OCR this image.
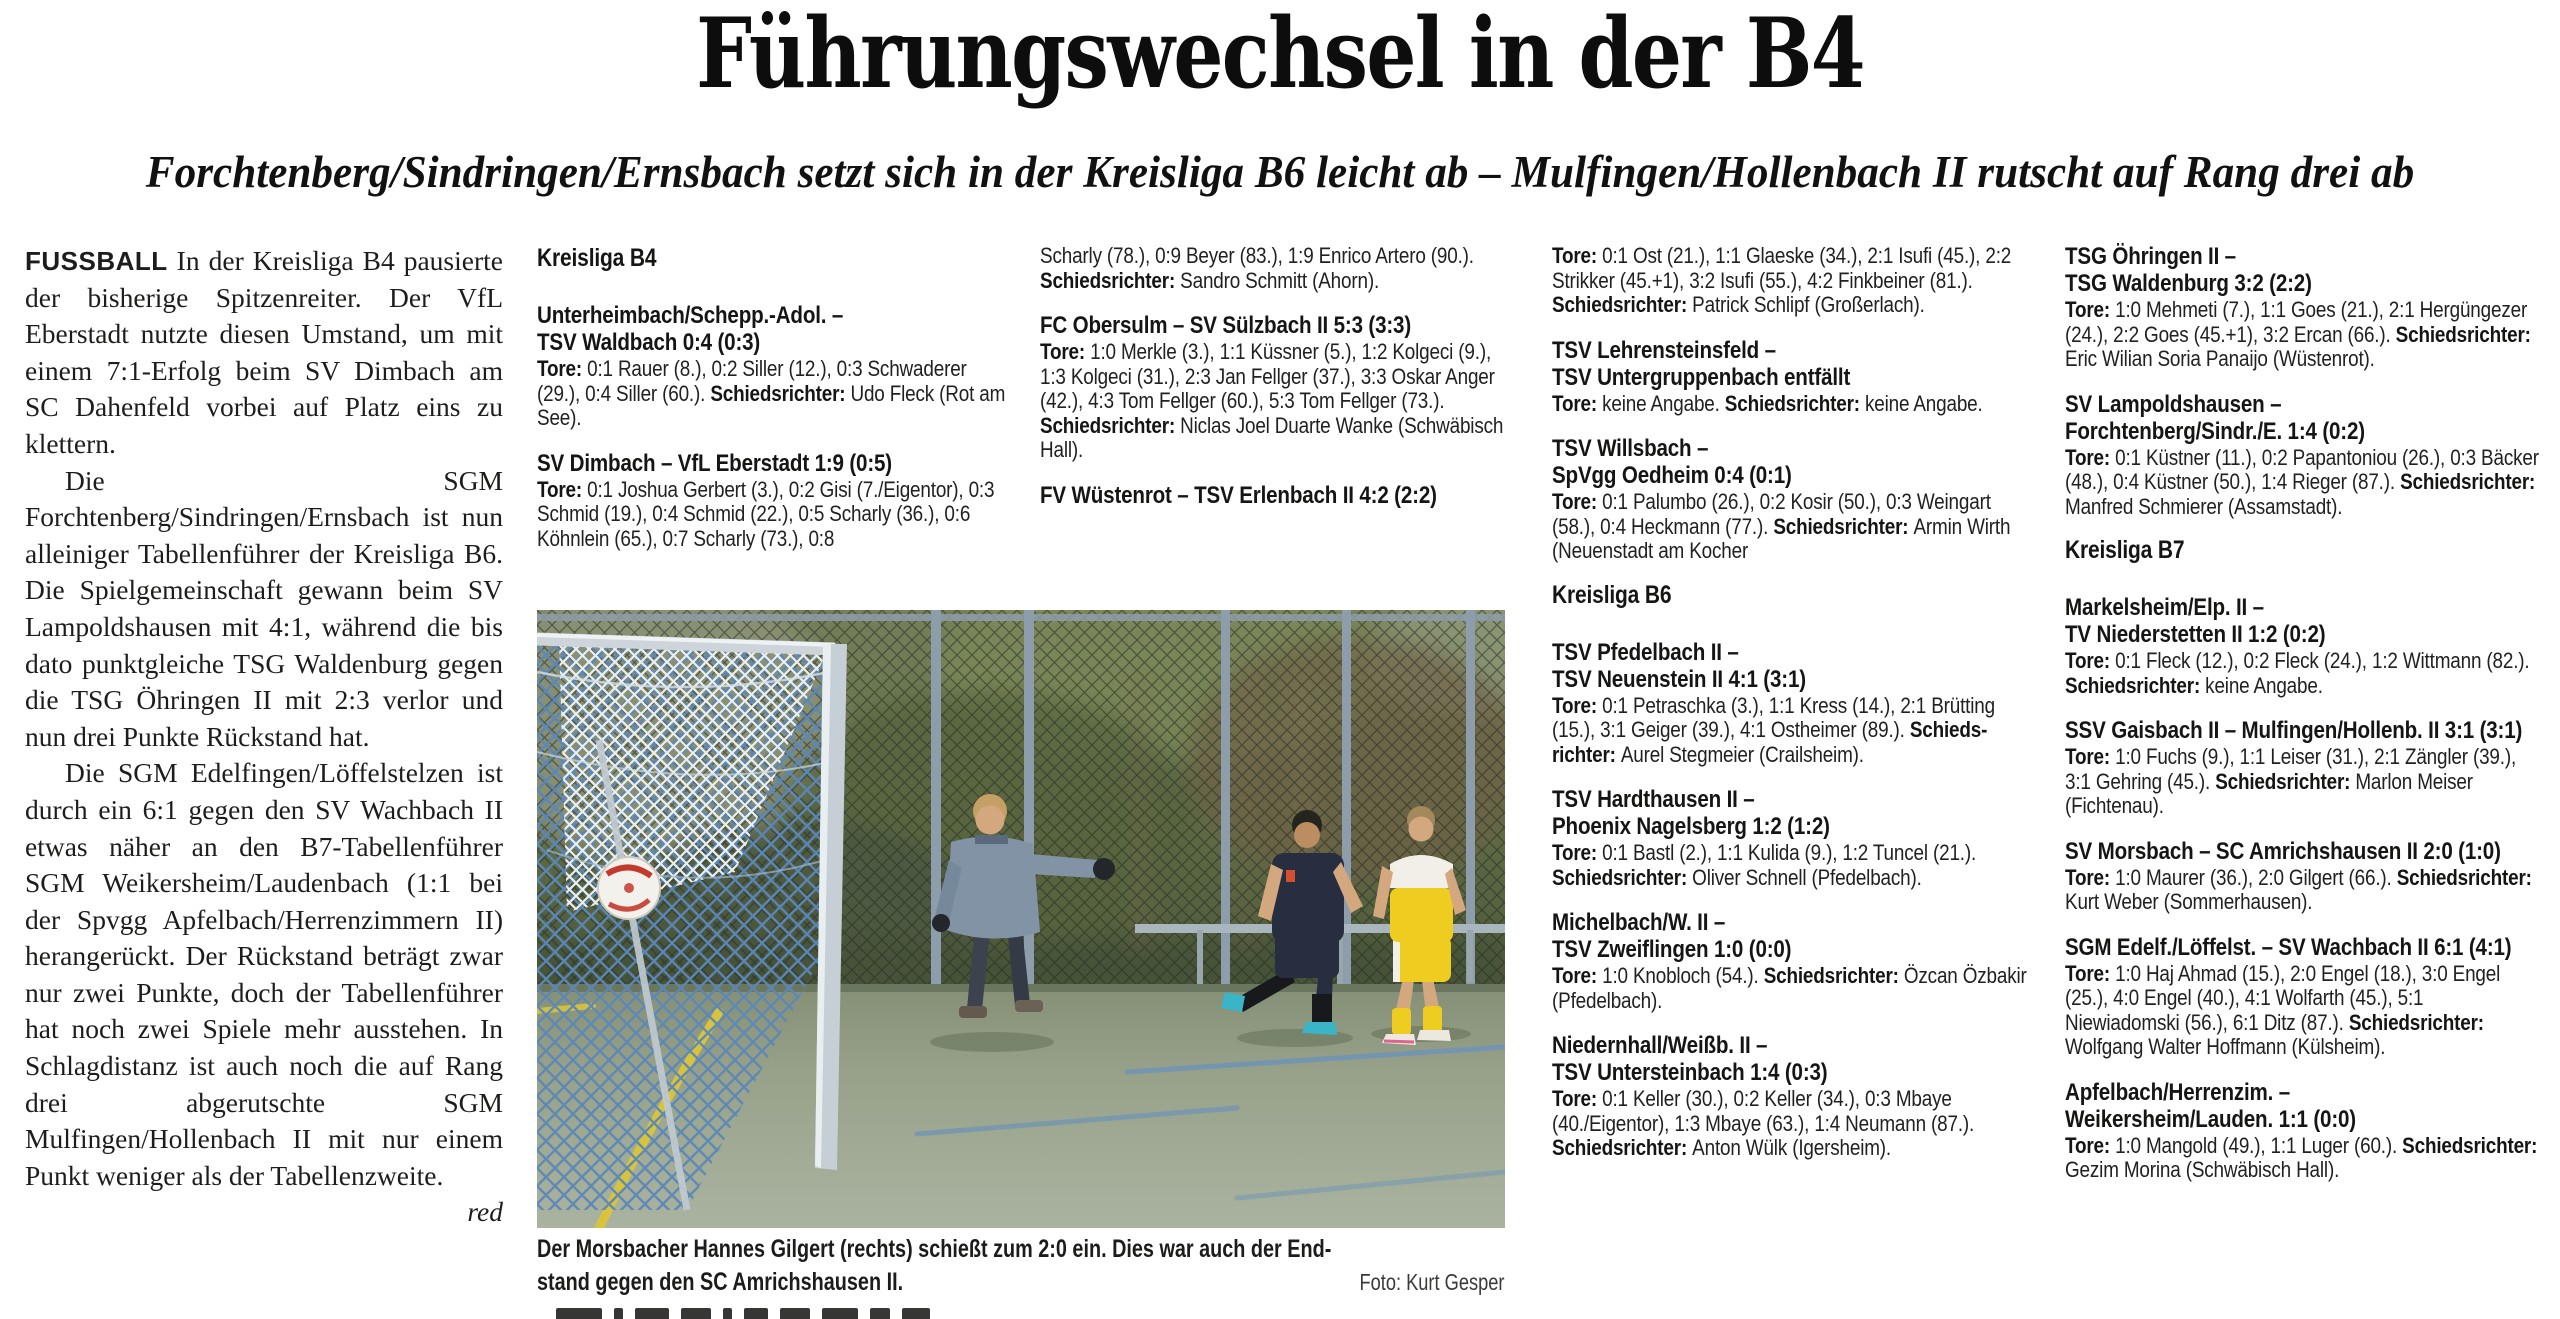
Führungswechsel in der B4
Forchtenberg/Sindringen/Ernsbach setzt sich in der Kreisliga B6 leicht ab – Mulfingen/Hollenbach II rutscht auf Rang drei ab

FUSSBALL In der Kreisliga B4 pausierte der bisherige Spitzenreiter. Der VfL Eberstadt nutzte diesen Umstand, um mit einem 7:1-Erfolg beim SV Dimbach am SC Dahenfeld vorbei auf Platz eins zu klettern.

Die SGM Forchtenberg/Sindringen/Ernsbach ist nun alleiniger Tabellenführer der Kreisliga B6. Die Spielgemeinschaft gewann beim SV Lampoldshausen mit 4:1, während die bis dato punktgleiche TSG Waldenburg gegen die TSG Öhringen II mit 2:3 verlor und nun drei Punkte Rückstand hat.

Die SGM Edelfingen/Löffelstelzen ist durch ein 6:1 gegen den SV Wachbach II etwas näher an den B7-Tabellenführer SGM Weikersheim/Laudenbach (1:1 bei der Spvgg Apfelbach/Herrenzimmern II) herangerückt. Der Rückstand beträgt zwar nur zwei Punkte, doch der Tabellenführer hat noch zwei Spiele mehr ausstehen. In Schlagdistanz ist auch noch die auf Rang drei abgerutschte SGM Mulfingen/Hollenbach II mit nur einem Punkt weniger als der Tabellenzweite.
red

Kreisliga B4
Unterheimbach/Schepp.-Adol. –
TSV Waldbach 0:4 (0:3)

Tore: 0:1 Rauer (8.), 0:2 Siller (12.), 0:3 Schwaderer (29.), 0:4 Siller (60.). Schiedsrichter: Udo Fleck (Rot am See).

SV Dimbach – VfL Eberstadt 1:9 (0:5)

Tore: 0:1 Joshua Gerbert (3.), 0:2 Gisi (7./Eigentor), 0:3 Schmid (19.), 0:4 Schmid (22.), 0:5 Scharly (36.), 0:6 Köhnlein (65.), 0:7 Scharly (73.), 0:8

Scharly (78.), 0:9 Beyer (83.), 1:9 Enrico Artero (90.). Schiedsrichter: Sandro Schmitt (Ahorn).

FC Obersulm – SV Sülzbach II 5:3 (3:3)

Tore: 1:0 Merkle (3.), 1:1 Küssner (5.), 1:2 Kolgeci (9.), 1:3 Kolgeci (31.), 2:3 Jan Fellger (37.), 3:3 Oskar Anger (42.), 4:3 Tom Fellger (60.), 5:3 Tom Fellger (73.). Schiedsrichter: Niclas Joel Duarte Wanke (Schwäbisch Hall).

FV Wüstenrot – TSV Erlenbach II 4:2 (2:2)

Tore: 0:1 Ost (21.), 1:1 Glaeske (34.), 2:1 Isufi (45.), 2:2 Strikker (45.+1), 3:2 Isufi (55.), 4:2 Finkbeiner (81.). Schiedsrichter: Patrick Schlipf (Großerlach).

TSV Lehrensteinsfeld –
TSV Untergruppenbach entfällt

Tore: keine Angabe. Schiedsrichter: keine Angabe.

TSV Willsbach –
SpVgg Oedheim 0:4 (0:1)

Tore: 0:1 Palumbo (26.), 0:2 Kosir (50.), 0:3 Weingart (58.), 0:4 Heckmann (77.). Schiedsrichter: Armin Wirth (Neuenstadt am Kocher

Kreisliga B6
TSV Pfedelbach II –
TSV Neuenstein II 4:1 (3:1)

Tore: 0:1 Petraschka (3.), 1:1 Kress (14.), 2:1 Brütting (15.), 3:1 Geiger (39.), 4:1 Ostheimer (89.). Schiedsrichter: Aurel Stegmeier (Crailsheim).

TSV Hardthausen II –
Phoenix Nagelsberg 1:2 (1:2)

Tore: 0:1 Bastl (2.), 1:1 Kulida (9.), 1:2 Tuncel (21.). Schiedsrichter: Oliver Schnell (Pfedelbach).

Michelbach/W. II –
TSV Zweiflingen 1:0 (0:0)

Tore: 1:0 Knobloch (54.). Schiedsrichter: Özcan Özbakir (Pfedelbach).

Niedernhall/Weißb. II –
TSV Untersteinbach 1:4 (0:3)

Tore: 0:1 Keller (30.), 0:2 Keller (34.), 0:3 Mbaye (40./Eigentor), 1:3 Mbaye (63.), 1:4 Neumann (87.). Schiedsrichter: Anton Wülk (Igersheim).

TSG Öhringen II –
TSG Waldenburg 3:2 (2:2)

Tore: 1:0 Mehmeti (7.), 1:1 Goes (21.), 2:1 Hergüngezer (24.), 2:2 Goes (45.+1), 3:2 Ercan (66.). Schiedsrichter: Eric Wilian Soria Panaijo (Wüstenrot).

SV Lampoldshausen –
Forchtenberg/Sindr./E. 1:4 (0:2)

Tore: 0:1 Küstner (11.), 0:2 Papantoniou (26.), 0:3 Bäcker (48.), 0:4 Küstner (50.), 1:4 Rieger (87.). Schiedsrichter: Manfred Schmierer (Assamstadt).

Kreisliga B7
Markelsheim/Elp. II –
TV Niederstetten II 1:2 (0:2)

Tore: 0:1 Fleck (12.), 0:2 Fleck (24.), 1:2 Wittmann (82.). Schiedsrichter: keine Angabe.

SSV Gaisbach II – Mulfingen/Hollenb. II 3:1 (3:1)

Tore: 1:0 Fuchs (9.), 1:1 Leiser (31.), 2:1 Zängler (39.), 3:1 Gehring (45.). Schiedsrichter: Marlon Meiser (Fichtenau).

SV Morsbach – SC Amrichshausen II 2:0 (1:0)

Tore: 1:0 Maurer (36.), 2:0 Gilgert (66.). Schiedsrichter: Kurt Weber (Sommerhausen).

SGM Edelf./Löffelst. – SV Wachbach II 6:1 (4:1)

Tore: 1:0 Haj Ahmad (15.), 2:0 Engel (18.), 3:0 Engel (25.), 4:0 Engel (40.), 4:1 Wolfarth (45.), 5:1 Niewiadomski (56.), 6:1 Ditz (87.). Schiedsrichter: Wolfgang Walter Hoffmann (Külsheim).

Apfelbach/Herrenzim. –
Weikersheim/Lauden. 1:1 (0:0)

Tore: 1:0 Mangold (49.), 1:1 Luger (60.). Schiedsrichter: Gezim Morina (Schwäbisch Hall).

Der Morsbacher Hannes Gilgert (rechts) schießt zum 2:0 ein. Dies war auch der End-
stand gegen den SC Amrichshausen II.	Foto: Kurt Gesper
